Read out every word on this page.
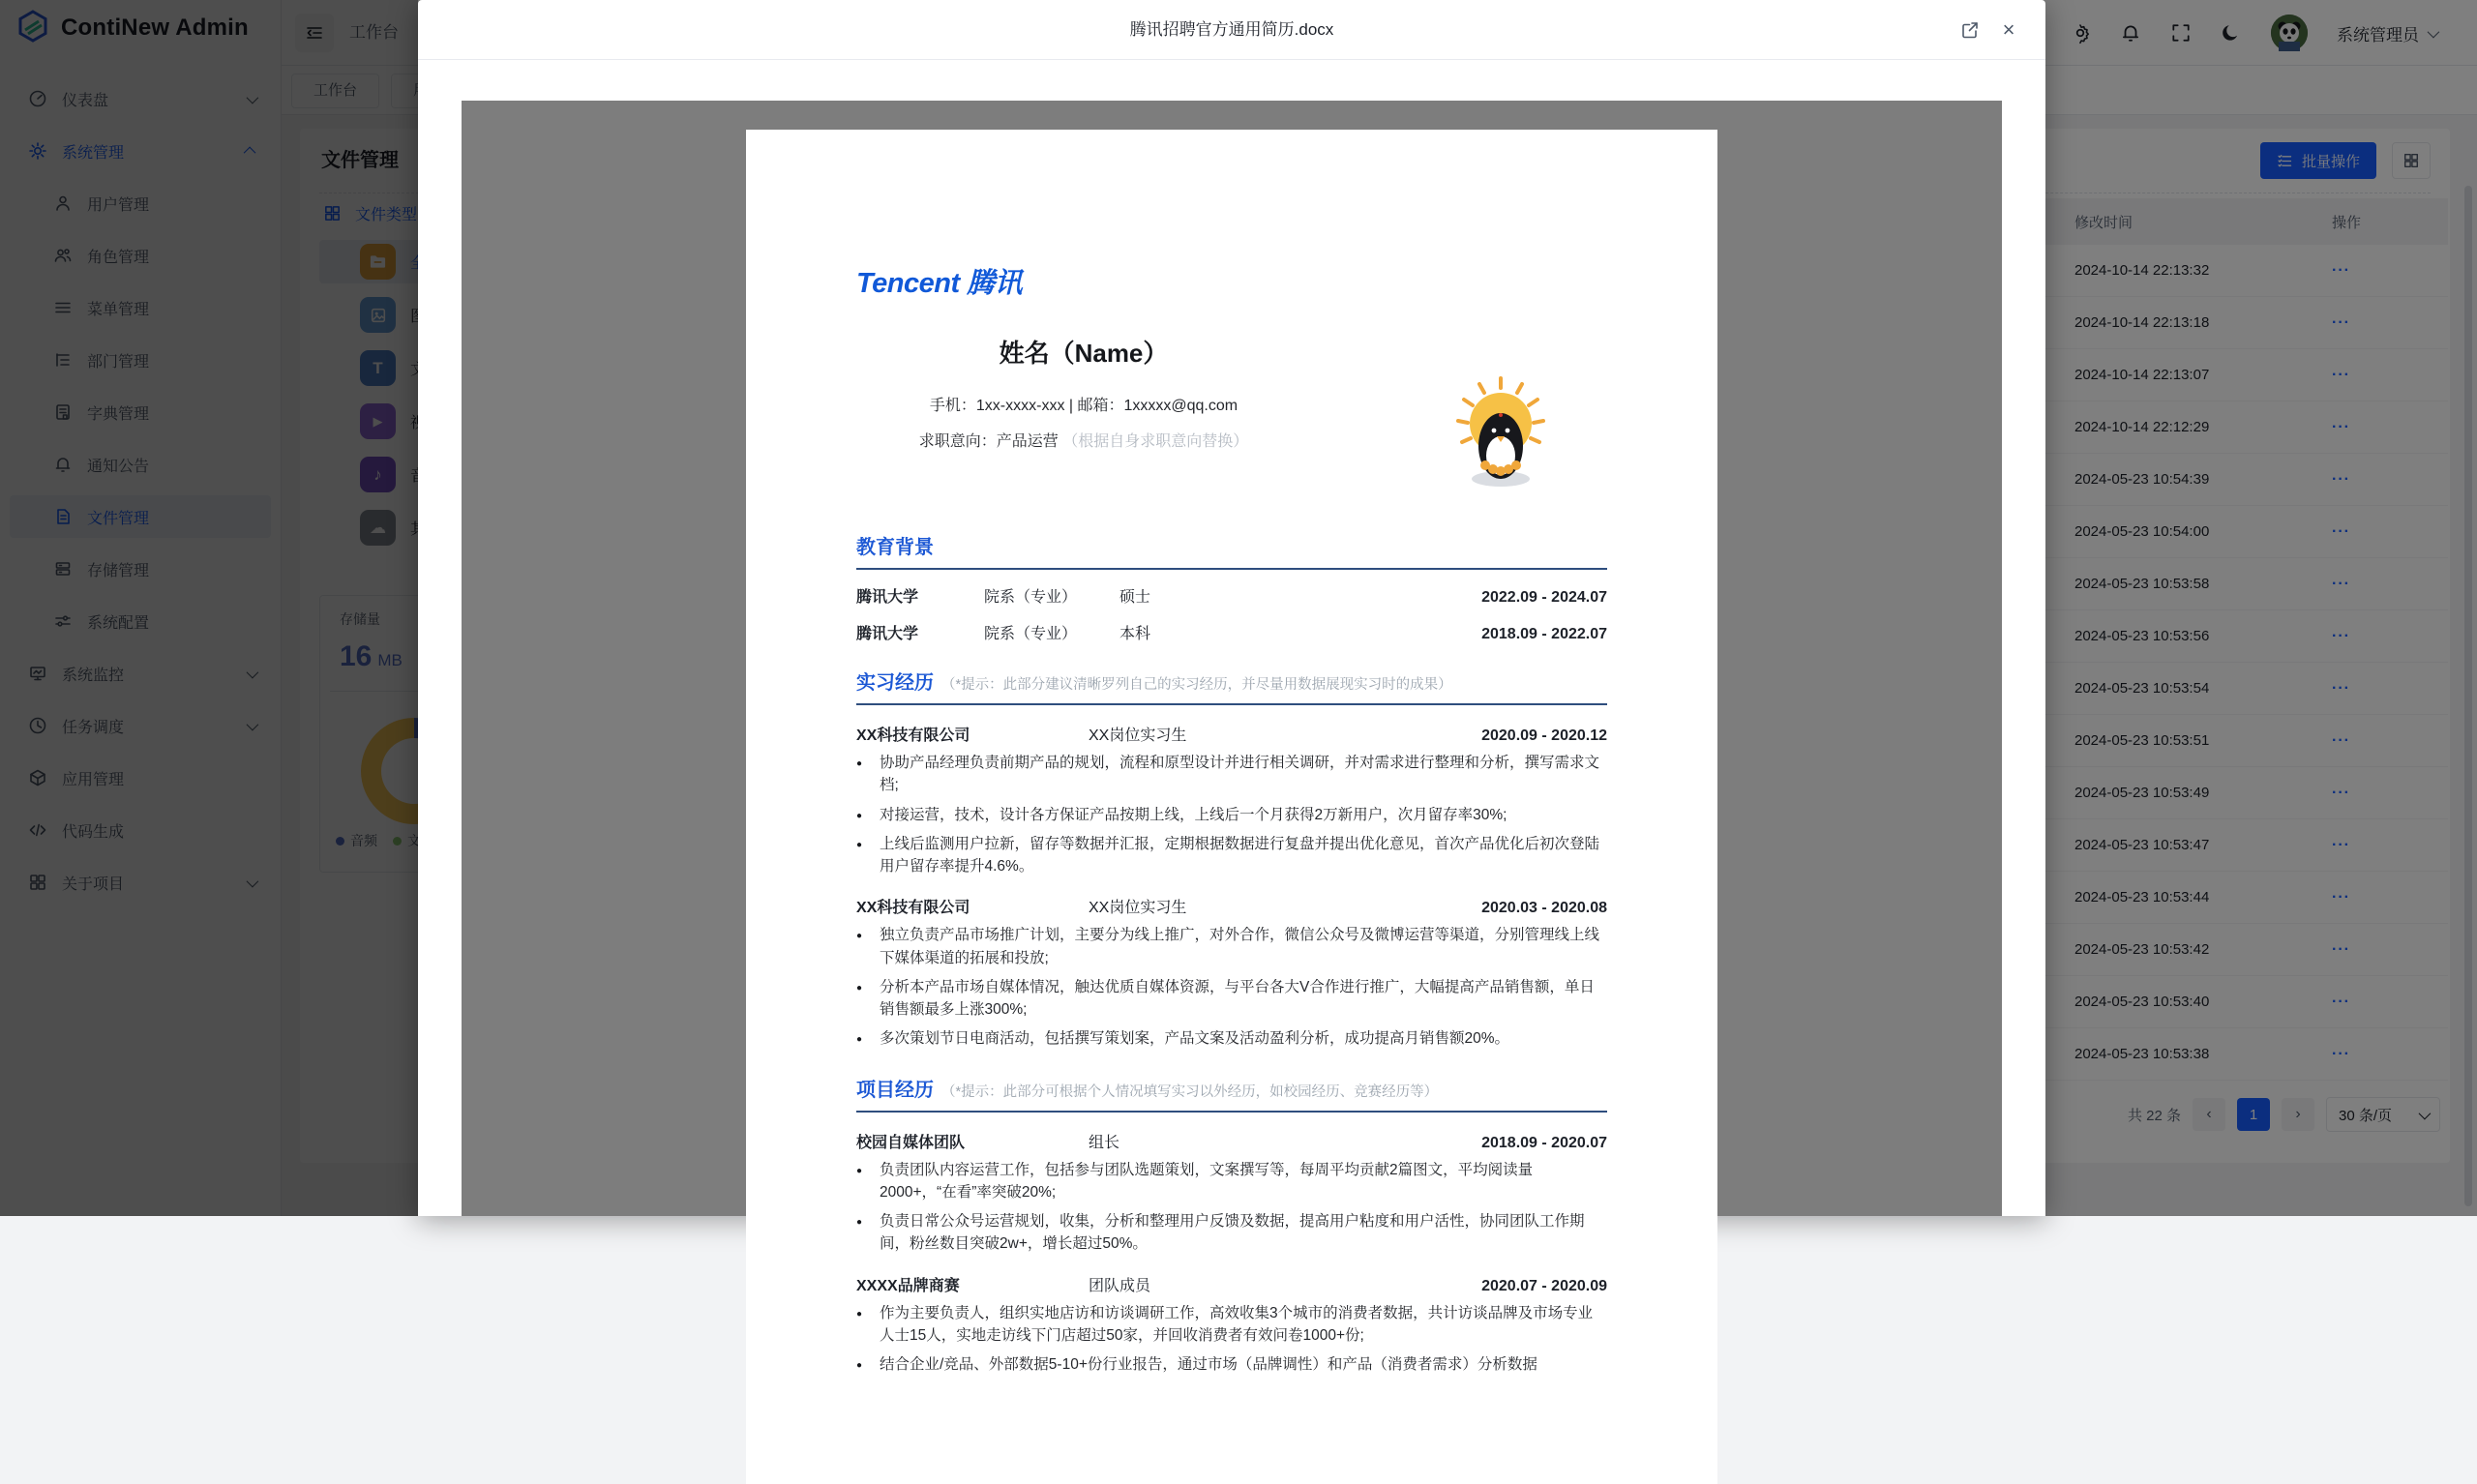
腾讯招聘官方通用简历.docx	×
Tencent 腾讯
姓名（Name）
手机：1xx-xxxx-xxx | 邮箱：1xxxxx@qq.com
求职意向：产品运营 （根据自身求职意向替换）
教育背景
腾讯大学	院系（专业）	硕士	2022.09 - 2024.07
腾讯大学	院系（专业）	本科	2018.09 - 2022.07
实习经历 （*提示：此部分建议清晰罗列自己的实习经历，并尽量用数据展现实习时的成果）
XX科技有限公司	XX岗位实习生	2020.09 - 2020.12
●	协助产品经理负责前期产品的规划，流程和原型设计并进行相关调研，并对需求进行整理和分析，撰写需求文档;
●	对接运营，技术，设计各方保证产品按期上线，上线后一个月获得2万新用户，次月留存率30%;
●	上线后监测用户拉新，留存等数据并汇报，定期根据数据进行复盘并提出优化意见，首次产品优化后初次登陆用户留存率提升4.6%。
XX科技有限公司	XX岗位实习生	2020.03 - 2020.08
●	独立负责产品市场推广计划，主要分为线上推广，对外合作，微信公众号及微博运营等渠道，分别管理线上线下媒体渠道的拓展和投放;
●	分析本产品市场自媒体情况，触达优质自媒体资源，与平台各大V合作进行推广，大幅提高产品销售额，单日销售额最多上涨300%;
●	多次策划节日电商活动，包括撰写策划案，产品文案及活动盈利分析，成功提高月销售额20%。
项目经历 （*提示：此部分可根据个人情况填写实习以外经历，如校园经历、竞赛经历等）
校园自媒体团队	组长	2018.09 - 2020.07
●	负责团队内容运营工作，包括参与团队选题策划，文案撰写等，每周平均贡献2篇图文，平均阅读量2000+，“在看”率突破20%;
●	负责日常公众号运营规划，收集，分析和整理用户反馈及数据，提高用户粘度和用户活性，协同团队工作期间，粉丝数目突破2w+，增长超过50%。
XXXX品牌商赛	团队成员	2020.07 - 2020.09
●	作为主要负责人，组织实地店访和访谈调研工作，高效收集3个城市的消费者数据，共计访谈品牌及市场专业人士15人，实地走访线下门店超过50家，并回收消费者有效问卷1000+份;
●	结合企业/竞品、外部数据5-10+份行业报告，通过市场（品牌调性）和产品（消费者需求）分析数据
